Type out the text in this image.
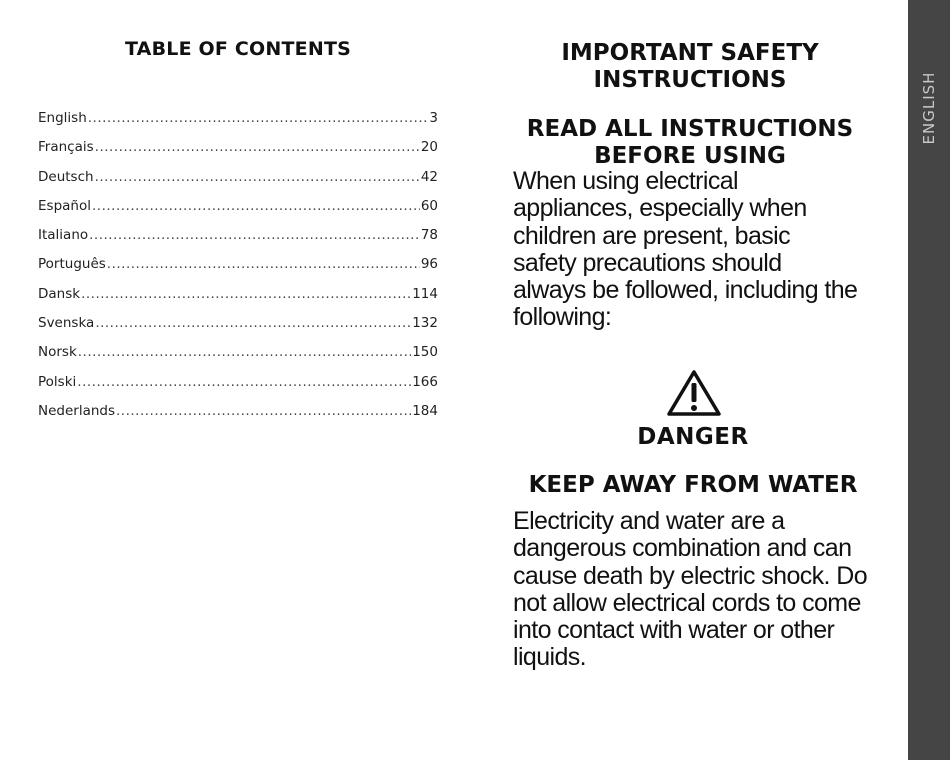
TABLE OF CONTENTS
English .....	3
Français .....	20
Deutsch .....	42
Español .....	60
Italiano .....	78
Português .....	96
Dansk .....	114
Svenska .....	132
Norsk .....	150
Polski .....	166
Nederlands .....	184
IMPORTANT SAFETY INSTRUCTIONS
READ ALL INSTRUCTIONS BEFORE USING

When using electrical appliances, especially when children are present, basic safety precautions should always be followed, including the following:

DANGER
KEEP AWAY FROM WATER

Electricity and water are a dangerous combination and can cause death by electric shock. Do not allow electrical cords to come into contact with water or other liquids.

ENGLISH
